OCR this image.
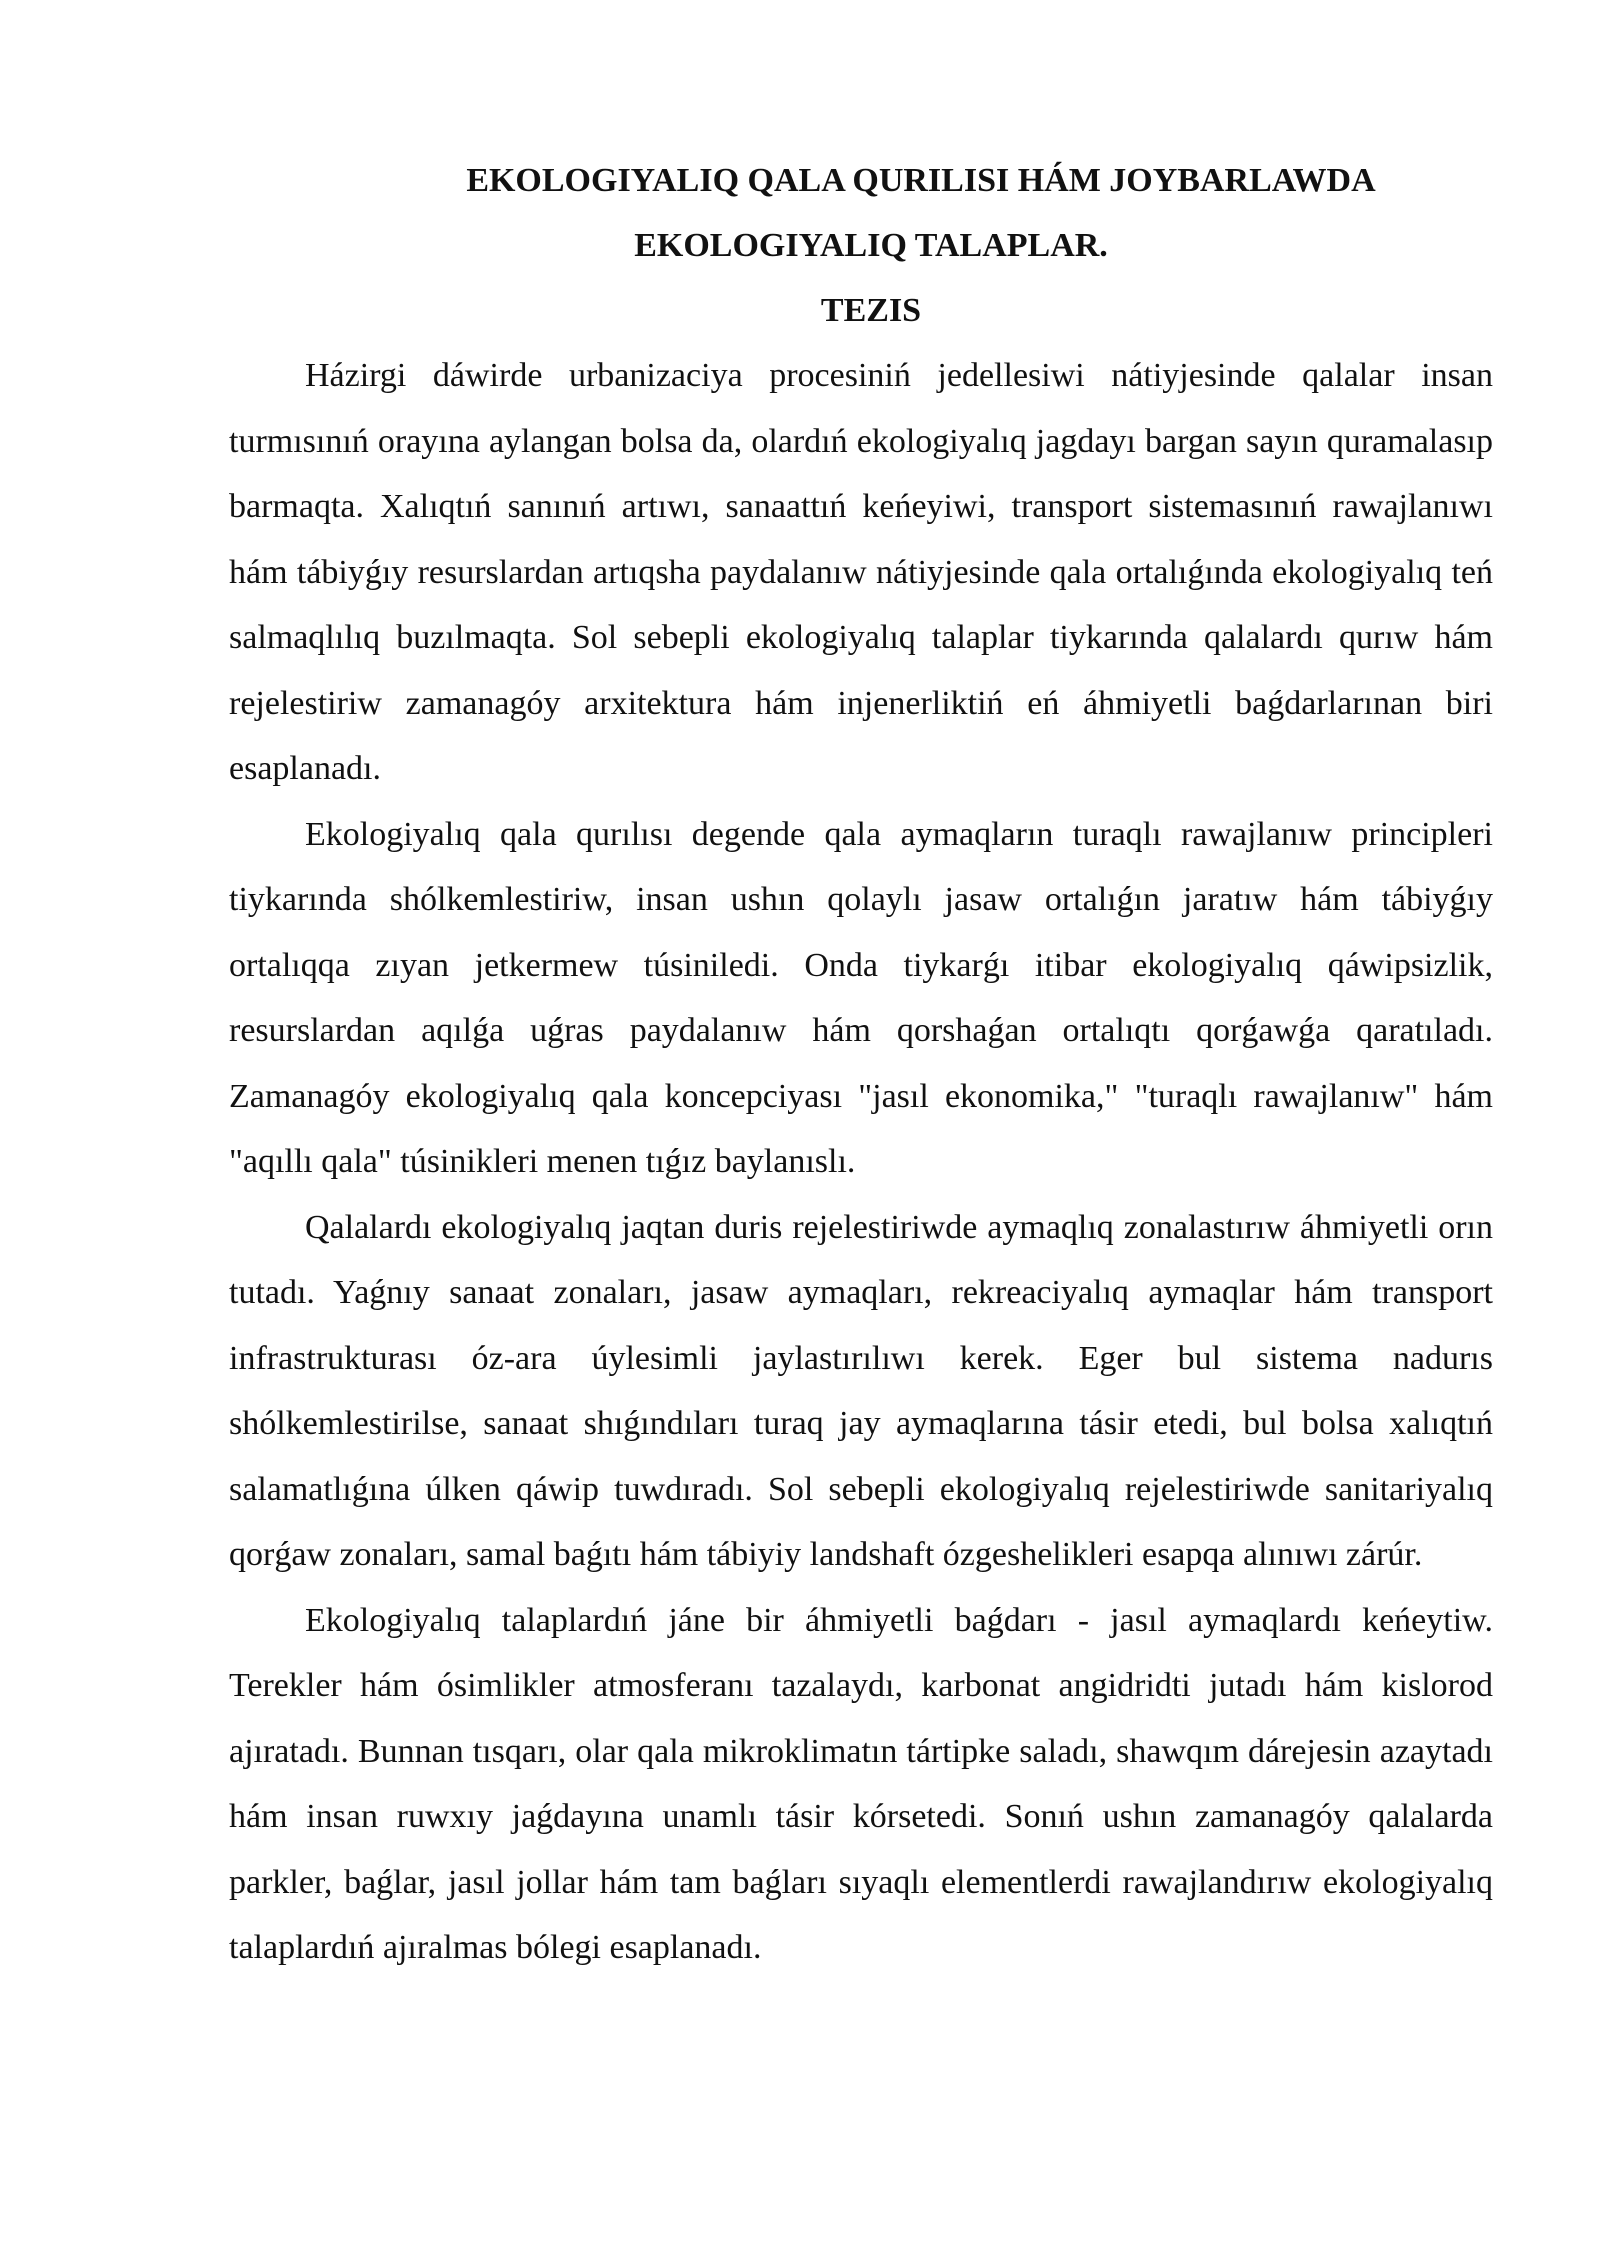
EKOLOGIYALIQ QALA QURILISI HÁM JOYBARLAWDA

EKOLOGIYALIQ TALAPLAR.

TEZIS

Házirgi dáwirde urbanizaciya procesiniń jedellesiwi nátiyjesinde qalalar insan turmısınıń orayına aylangan bolsa da, olardıń ekologiyalıq jagdayı bargan sayın quramalasıp barmaqta. Xalıqtıń sanınıń artıwı, sanaattıń keńeyiwi, transport sistemasınıń rawajlanıwı hám tábiyǵıy resurslardan artıqsha paydalanıw nátiyjesinde qala ortalıǵında ekologiyalıq teń salmaqlılıq buzılmaqta. Sol sebepli ekologiyalıq talaplar tiykarında qalalardı qurıw hám rejelestiriw zamanagóy arxitektura hám injenerliktiń eń áhmiyetli baǵdarlarınan biri esaplanadı.

Ekologiyalıq qala qurılısı degende qala aymaqların turaqlı rawajlanıw principleri tiykarında shólkemlestiriw, insan ushın qolaylı jasaw ortalıǵın jaratıw hám tábiyǵıy ortalıqqa zıyan jetkermew túsiniledi. Onda tiykarǵı itibar ekologiyalıq qáwipsizlik, resurslardan aqılǵa uǵras paydalanıw hám qorshaǵan ortalıqtı qorǵawǵa qaratıladı. Zamanagóy ekologiyalıq qala koncepciyası "jasıl ekonomika," "turaqlı rawajlanıw" hám "aqıllı qala" túsinikleri menen tıǵız baylanıslı.

Qalalardı ekologiyalıq jaqtan duris rejelestiriwde aymaqlıq zonalastırıw áhmiyetli orın tutadı. Yaǵnıy sanaat zonaları, jasaw aymaqları, rekreaciyalıq aymaqlar hám transport infrastrukturası óz-ara úylesimli jaylastırılıwı kerek. Eger bul sistema nadurıs shólkemlestirilse, sanaat shıǵındıları turaq jay aymaqlarına tásir etedi, bul bolsa xalıqtıń salamatlıǵına úlken qáwip tuwdıradı. Sol sebepli ekologiyalıq rejelestiriwde sanitariyalıq qorǵaw zonaları, samal baǵıtı hám tábiyiy landshaft ózgeshelikleri esapqa alınıwı zárúr.

Ekologiyalıq talaplardıń jáne bir áhmiyetli baǵdarı - jasıl aymaqlardı keńeytiw. Terekler hám ósimlikler atmosferanı tazalaydı, karbonat angidridti jutadı hám kislorod ajıratadı. Bunnan tısqarı, olar qala mikroklimatın tártipke saladı, shawqım dárejesin azaytadı hám insan ruwxıy jaǵdayına unamlı tásir kórsetedi. Sonıń ushın zamanagóy qalalarda parkler, baǵlar, jasıl jollar hám tam baǵları sıyaqlı elementlerdi rawajlandırıw ekologiyalıq talaplardıń ajıralmas bólegi esaplanadı.
